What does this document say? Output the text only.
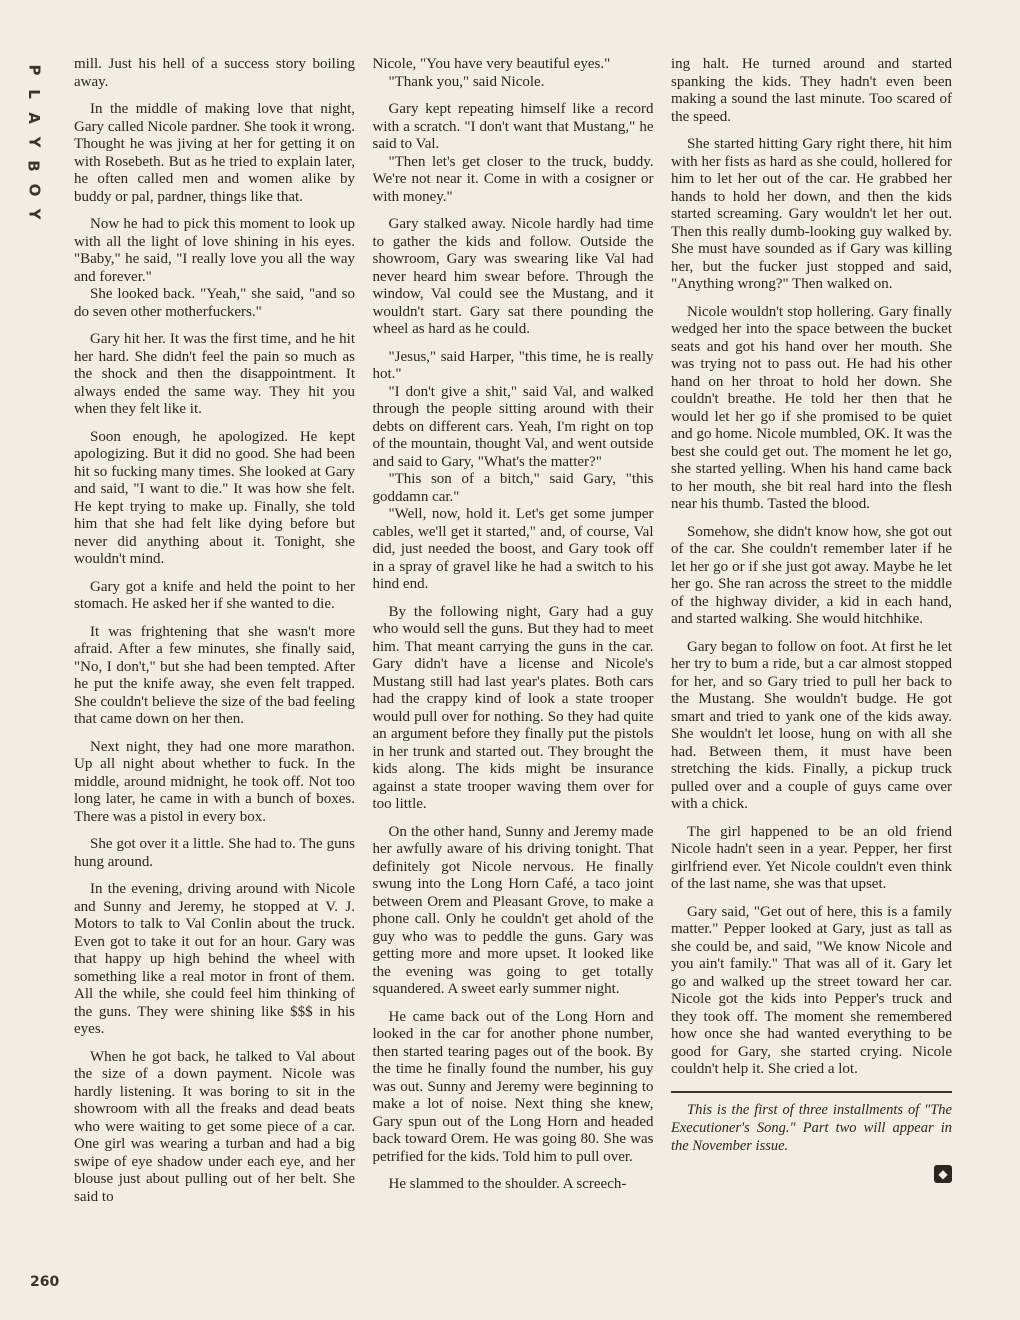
P
L
A
Y
B
O
Y
260

mill. Just his hell of a success story boiling away.

In the middle of making love that night, Gary called Nicole pardner. She took it wrong. Thought he was jiving at her for getting it on with Rosebeth. But as he tried to explain later, he often called men and women alike by buddy or pal, pardner, things like that.

Now he had to pick this moment to look up with all the light of love shining in his eyes. "Baby," he said, "I really love you all the way and forever."

She looked back. "Yeah," she said, "and so do seven other motherfuckers."

Gary hit her. It was the first time, and he hit her hard. She didn't feel the pain so much as the shock and then the disappointment. It always ended the same way. They hit you when they felt like it.

Soon enough, he apologized. He kept apologizing. But it did no good. She had been hit so fucking many times. She looked at Gary and said, "I want to die." It was how she felt. He kept trying to make up. Finally, she told him that she had felt like dying before but never did anything about it. Tonight, she wouldn't mind.

Gary got a knife and held the point to her stomach. He asked her if she wanted to die.

It was frightening that she wasn't more afraid. After a few minutes, she finally said, "No, I don't," but she had been tempted. After he put the knife away, she even felt trapped. She couldn't believe the size of the bad feeling that came down on her then.

Next night, they had one more marathon. Up all night about whether to fuck. In the middle, around midnight, he took off. Not too long later, he came in with a bunch of boxes. There was a pistol in every box.

She got over it a little. She had to. The guns hung around.

In the evening, driving around with Nicole and Sunny and Jeremy, he stopped at V. J. Motors to talk to Val Conlin about the truck. Even got to take it out for an hour. Gary was that happy up high behind the wheel with something like a real motor in front of them. All the while, she could feel him thinking of the guns. They were shining like $$$ in his eyes.

When he got back, he talked to Val about the size of a down payment. Nicole was hardly listening. It was boring to sit in the showroom with all the freaks and dead beats who were waiting to get some piece of a car. One girl was wearing a turban and had a big swipe of eye shadow under each eye, and her blouse just about pulling out of her belt. She said to

Nicole, "You have very beautiful eyes."

"Thank you," said Nicole.

Gary kept repeating himself like a record with a scratch. "I don't want that Mustang," he said to Val.

"Then let's get closer to the truck, buddy. We're not near it. Come in with a cosigner or with money."

Gary stalked away. Nicole hardly had time to gather the kids and follow. Outside the showroom, Gary was swearing like Val had never heard him swear before. Through the window, Val could see the Mustang, and it wouldn't start. Gary sat there pounding the wheel as hard as he could.

"Jesus," said Harper, "this time, he is really hot."

"I don't give a shit," said Val, and walked through the people sitting around with their debts on different cars. Yeah, I'm right on top of the mountain, thought Val, and went outside and said to Gary, "What's the matter?"

"This son of a bitch," said Gary, "this goddamn car."

"Well, now, hold it. Let's get some jumper cables, we'll get it started," and, of course, Val did, just needed the boost, and Gary took off in a spray of gravel like he had a switch to his hind end.

By the following night, Gary had a guy who would sell the guns. But they had to meet him. That meant carrying the guns in the car. Gary didn't have a license and Nicole's Mustang still had last year's plates. Both cars had the crappy kind of look a state trooper would pull over for nothing. So they had quite an argument before they finally put the pistols in her trunk and started out. They brought the kids along. The kids might be insurance against a state trooper waving them over for too little.

On the other hand, Sunny and Jeremy made her awfully aware of his driving tonight. That definitely got Nicole nervous. He finally swung into the Long Horn Café, a taco joint between Orem and Pleasant Grove, to make a phone call. Only he couldn't get ahold of the guy who was to peddle the guns. Gary was getting more and more upset. It looked like the evening was going to get totally squandered. A sweet early summer night.

He came back out of the Long Horn and looked in the car for another phone number, then started tearing pages out of the book. By the time he finally found the number, his guy was out. Sunny and Jeremy were beginning to make a lot of noise. Next thing she knew, Gary spun out of the Long Horn and headed back toward Orem. He was going 80. She was petrified for the kids. Told him to pull over.

He slammed to the shoulder. A screech-

ing halt. He turned around and started spanking the kids. They hadn't even been making a sound the last minute. Too scared of the speed.

She started hitting Gary right there, hit him with her fists as hard as she could, hollered for him to let her out of the car. He grabbed her hands to hold her down, and then the kids started screaming. Gary wouldn't let her out. Then this really dumb-looking guy walked by. She must have sounded as if Gary was killing her, but the fucker just stopped and said, "Anything wrong?" Then walked on.

Nicole wouldn't stop hollering. Gary finally wedged her into the space between the bucket seats and got his hand over her mouth. She was trying not to pass out. He had his other hand on her throat to hold her down. She couldn't breathe. He told her then that he would let her go if she promised to be quiet and go home. Nicole mumbled, OK. It was the best she could get out. The moment he let go, she started yelling. When his hand came back to her mouth, she bit real hard into the flesh near his thumb. Tasted the blood.

Somehow, she didn't know how, she got out of the car. She couldn't remember later if he let her go or if she just got away. Maybe he let her go. She ran across the street to the middle of the highway divider, a kid in each hand, and started walking. She would hitchhike.

Gary began to follow on foot. At first he let her try to bum a ride, but a car almost stopped for her, and so Gary tried to pull her back to the Mustang. She wouldn't budge. He got smart and tried to yank one of the kids away. She wouldn't let loose, hung on with all she had. Between them, it must have been stretching the kids. Finally, a pickup truck pulled over and a couple of guys came over with a chick.

The girl happened to be an old friend Nicole hadn't seen in a year. Pepper, her first girlfriend ever. Yet Nicole couldn't even think of the last name, she was that upset.

Gary said, "Get out of here, this is a family matter." Pepper looked at Gary, just as tall as she could be, and said, "We know Nicole and you ain't family." That was all of it. Gary let go and walked up the street toward her car. Nicole got the kids into Pepper's truck and they took off. The moment she remembered how once she had wanted everything to be good for Gary, she started crying. Nicole couldn't help it. She cried a lot.

This is the first of three installments of "The Executioner's Song." Part two will appear in the November issue.

◆
